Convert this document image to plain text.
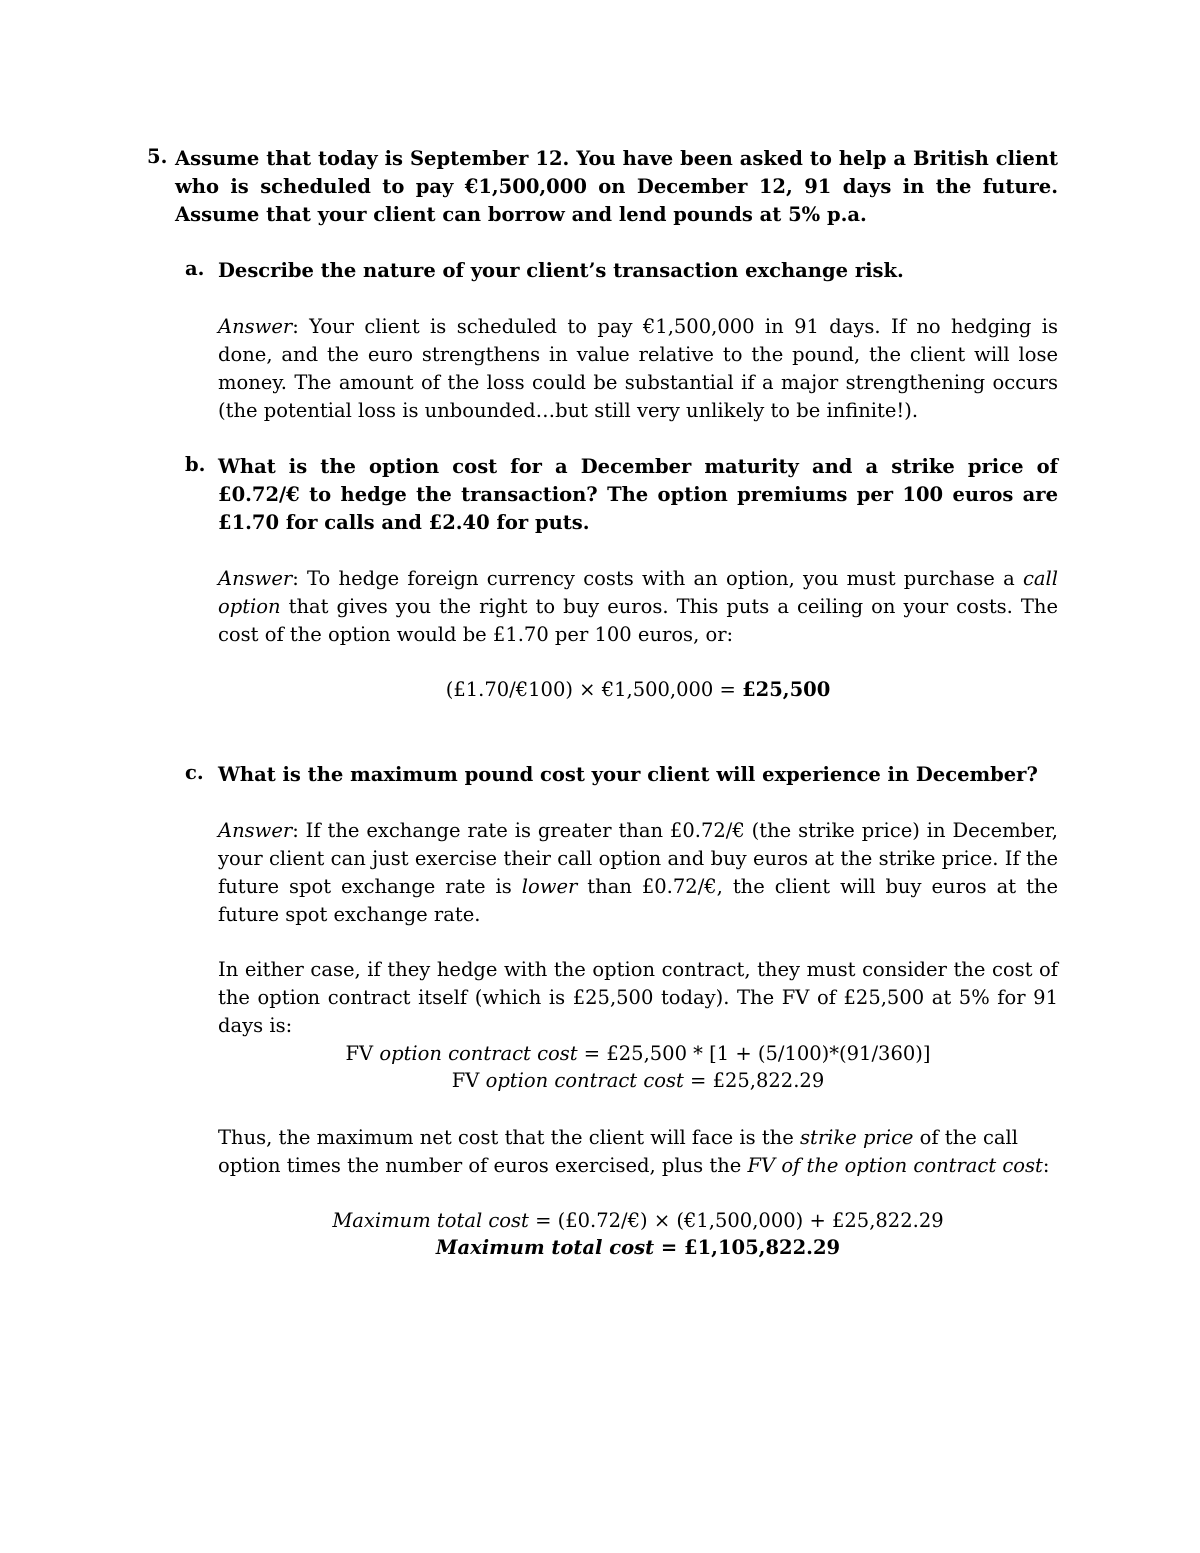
5. Assume that today is September 12. You have been asked to help a British client who is scheduled to pay €1,500,000 on December 12, 91 days in the future. Assume that your client can borrow and lend pounds at 5% p.a.
a. Describe the nature of your client’s transaction exchange risk.
Answer: Your client is scheduled to pay €1,500,000 in 91 days. If no hedging is done, and the euro strengthens in value relative to the pound, the client will lose money. The amount of the loss could be substantial if a major strengthening occurs (the potential loss is unbounded…but still very unlikely to be infinite!).
b. What is the option cost for a December maturity and a strike price of £0.72/€ to hedge the transaction? The option premiums per 100 euros are £1.70 for calls and £2.40 for puts.
Answer: To hedge foreign currency costs with an option, you must purchase a call option that gives you the right to buy euros. This puts a ceiling on your costs. The cost of the option would be £1.70 per 100 euros, or:
(£1.70/€100) × €1,500,000 = £25,500
c. What is the maximum pound cost your client will experience in December?
Answer: If the exchange rate is greater than £0.72/€ (the strike price) in December, your client can just exercise their call option and buy euros at the strike price. If the future spot exchange rate is lower than £0.72/€, the client will buy euros at the future spot exchange rate.
In either case, if they hedge with the option contract, they must consider the cost of the option contract itself (which is £25,500 today). The FV of £25,500 at 5% for 91 days is:
FV option contract cost = £25,500 * [1 + (5/100)*(91/360)]
FV option contract cost = £25,822.29
Thus, the maximum net cost that the client will face is the strike price of the call option times the number of euros exercised, plus the FV of the option contract cost:
Maximum total cost = (£0.72/€) × (€1,500,000) + £25,822.29
Maximum total cost = £1,105,822.29
